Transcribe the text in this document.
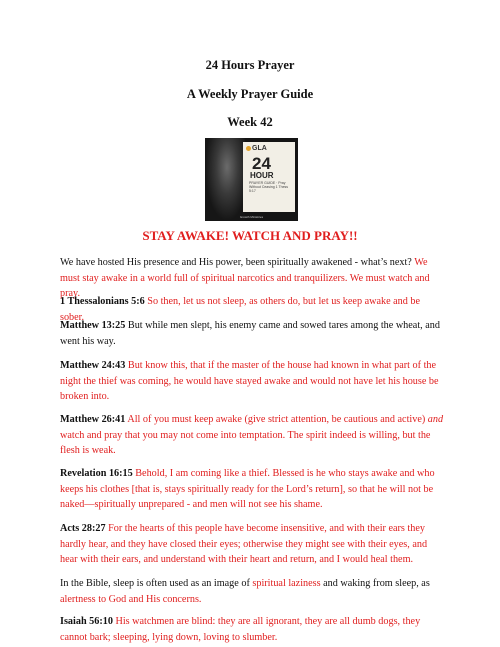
24 Hours Prayer
A Weekly Prayer Guide
Week 42
GLA
24
HOUR
PRAYER GUIDE · Pray Without Ceasing 1 Thess 5:17
Growth Ministries
STAY AWAKE! WATCH AND PRAY!!
We have hosted His presence and His power, been spiritually awakened - what’s next? We must stay awake in a world full of spiritual narcotics and tranquilizers. We must watch and pray.
1 Thessalonians 5:6 So then, let us not sleep, as others do, but let us keep awake and be sober.
Matthew 13:25 But while men slept, his enemy came and sowed tares among the wheat, and went his way.
Matthew 24:43 But know this, that if the master of the house had known in what part of the night the thief was coming, he would have stayed awake and would not have let his house be broken into.
Matthew 26:41 All of you must keep awake (give strict attention, be cautious and active) and watch and pray that you may not come into temptation. The spirit indeed is willing, but the flesh is weak.
Revelation 16:15 Behold, I am coming like a thief. Blessed is he who stays awake and who keeps his clothes [that is, stays spiritually ready for the Lord’s return], so that he will not be naked—spiritually unprepared - and men will not see his shame.
Acts 28:27 For the hearts of this people have become insensitive, and with their ears they hardly hear, and they have closed their eyes; otherwise they might see with their eyes, and hear with their ears, and understand with their heart and return, and I would heal them.
In the Bible, sleep is often used as an image of spiritual laziness and waking from sleep, as alertness to God and His concerns.
Isaiah 56:10 His watchmen are blind: they are all ignorant, they are all dumb dogs, they cannot bark; sleeping, lying down, loving to slumber.
